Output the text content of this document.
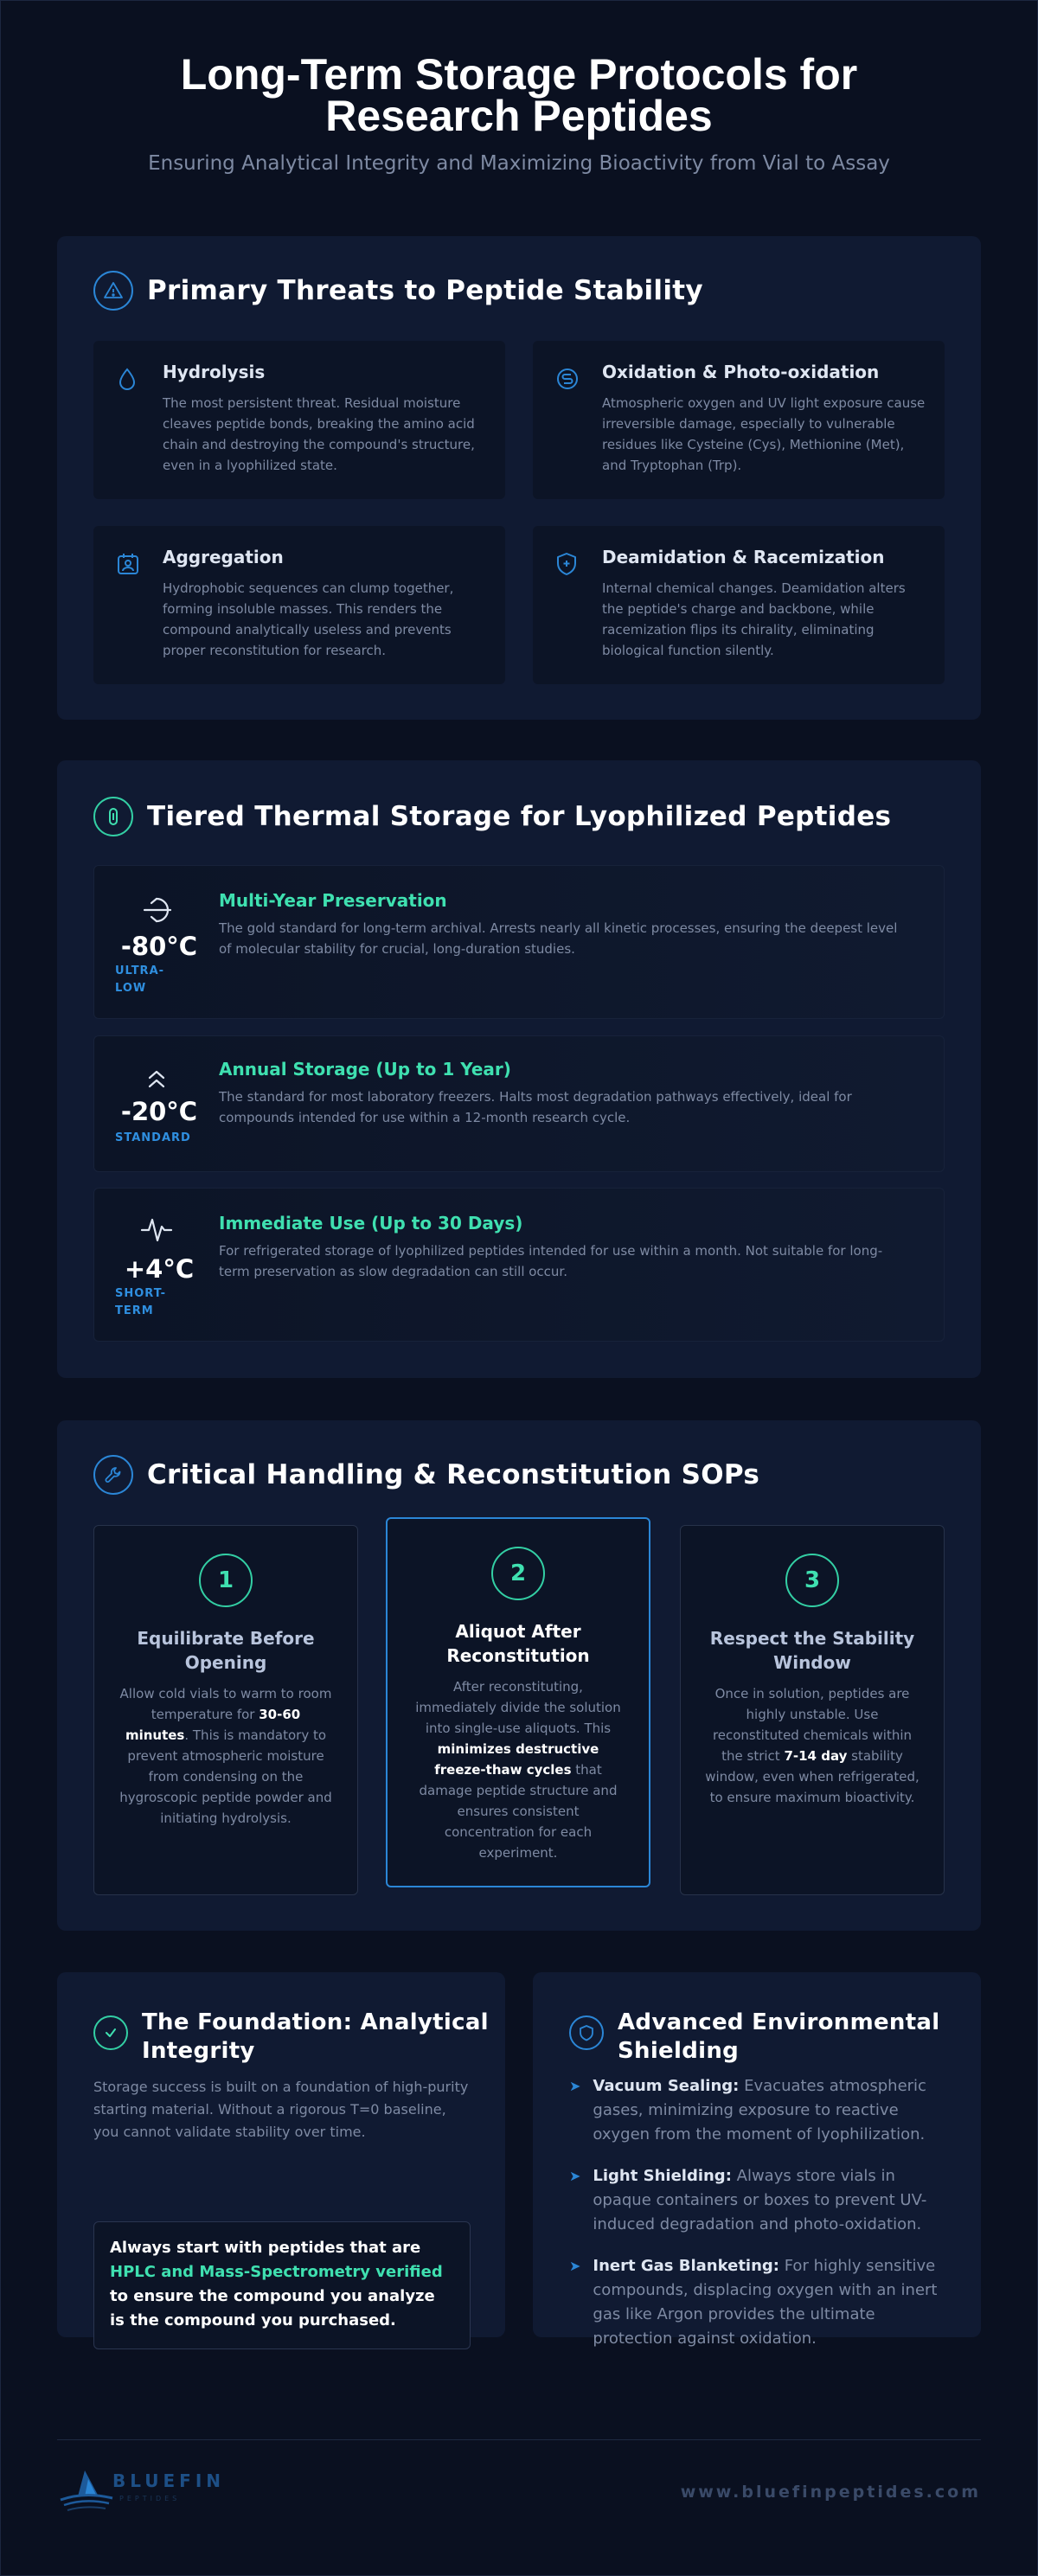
Long-Term Storage Protocols for
Research Peptides

Ensuring Analytical Integrity and Maximizing Bioactivity from Vial to Assay

Primary Threats to Peptide Stability
Hydrolysis
The most persistent threat. Residual moisture cleaves peptide bonds, breaking the amino acid chain and destroying the compound's structure, even in a lyophilized state.
Oxidation & Photo-oxidation
Atmospheric oxygen and UV light exposure cause irreversible damage, especially to vulnerable residues like Cysteine (Cys), Methionine (Met), and Tryptophan (Trp).
Aggregation
Hydrophobic sequences can clump together, forming insoluble masses. This renders the compound analytically useless and prevents proper reconstitution for research.
Deamidation & Racemization
Internal chemical changes. Deamidation alters the peptide's charge and backbone, while racemization flips its chirality, eliminating biological function silently.
Tiered Thermal Storage for Lyophilized Peptides
-80°C
ULTRA-
LOW
Multi-Year Preservation
The gold standard for long-term archival. Arrests nearly all kinetic processes, ensuring the deepest level of molecular stability for crucial, long-duration studies.
-20°C
STANDARD
Annual Storage (Up to 1 Year)
The standard for most laboratory freezers. Halts most degradation pathways effectively, ideal for compounds intended for use within a 12-month research cycle.
+4°C
SHORT-
TERM
Immediate Use (Up to 30 Days)
For refrigerated storage of lyophilized peptides intended for use within a month. Not suitable for long-term preservation as slow degradation can still occur.
Critical Handling & Reconstitution SOPs
1
Equilibrate Before
Opening
Allow cold vials to warm to room temperature for 30-60 minutes. This is mandatory to prevent atmospheric moisture from condensing on the hygroscopic peptide powder and initiating hydrolysis.
2
Aliquot After
Reconstitution
After reconstituting, immediately divide the solution into single-use aliquots. This minimizes destructive freeze-thaw cycles that damage peptide structure and ensures consistent concentration for each experiment.
3
Respect the Stability
Window
Once in solution, peptides are highly unstable. Use reconstituted chemicals within the strict 7-14 day stability window, even when refrigerated, to ensure maximum bioactivity.
The Foundation: Analytical
Integrity

Storage success is built on a foundation of high-purity starting material. Without a rigorous T=0 baseline, you cannot validate stability over time.

Always start with peptides that are HPLC and Mass-Spectrometry verified to ensure the compound you analyze is the compound you purchased.
Advanced Environmental
Shielding
➤ Vacuum Sealing: Evacuates atmospheric gases, minimizing exposure to reactive oxygen from the moment of lyophilization.
➤ Light Shielding: Always store vials in opaque containers or boxes to prevent UV-induced degradation and photo-oxidation.
➤ Inert Gas Blanketing: For highly sensitive compounds, displacing oxygen with an inert gas like Argon provides the ultimate protection against oxidation.
BLUEFIN
PEPTIDES	www.bluefinpeptides.com
